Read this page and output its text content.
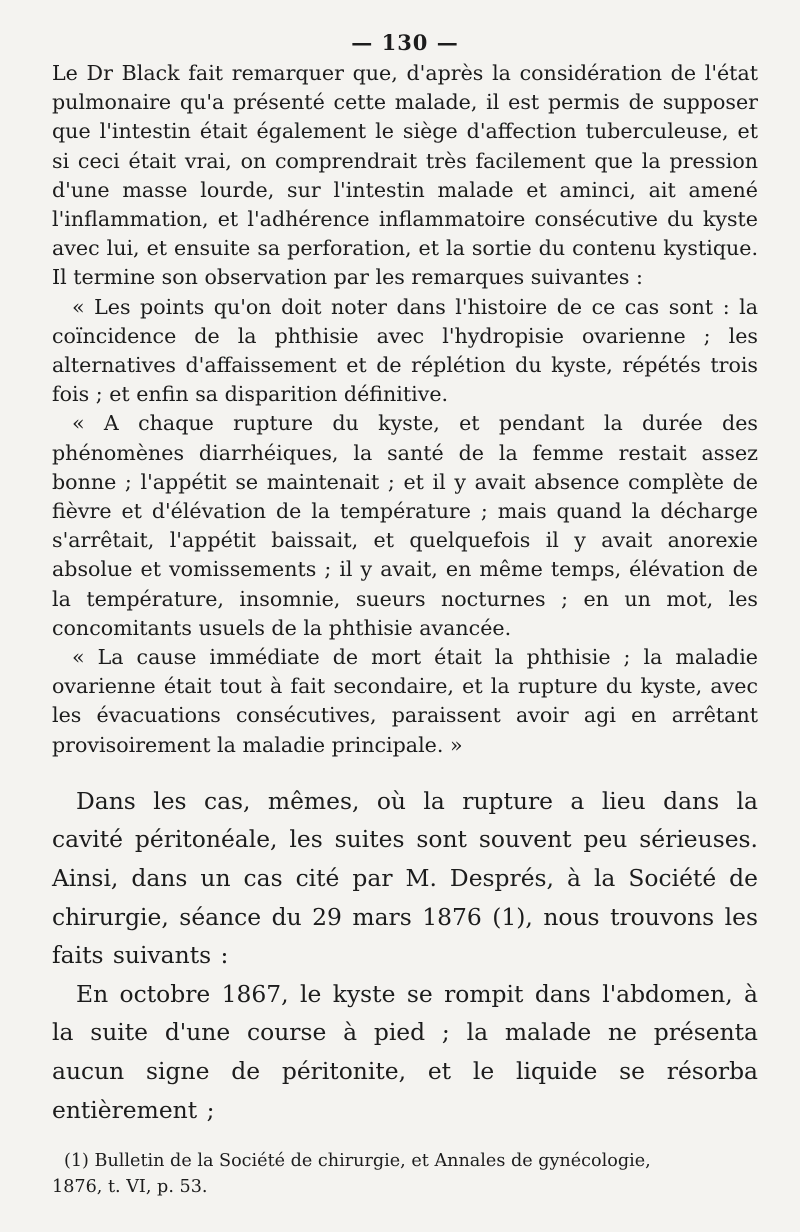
— 130 —

Le Dr Black fait remarquer que, d'après la considération de l'état pulmonaire qu'a présenté cette malade, il est permis de supposer que l'intestin était également le siège d'affection tuberculeuse, et si ceci était vrai, on comprendrait très facilement que la pression d'une masse lourde, sur l'intestin malade et aminci, ait amené l'inflammation, et l'adhérence inflammatoire consécutive du kyste avec lui, et ensuite sa perforation, et la sortie du contenu kystique. Il termine son observation par les remarques suivantes :

« Les points qu'on doit noter dans l'histoire de ce cas sont : la coïncidence de la phthisie avec l'hydropisie ovarienne ; les alternatives d'affaissement et de réplétion du kyste, répétés trois fois ; et enfin sa disparition définitive.

« A chaque rupture du kyste, et pendant la durée des phénomènes diarrhéiques, la santé de la femme restait assez bonne ; l'appétit se maintenait ; et il y avait absence complète de fièvre et d'élévation de la température ; mais quand la décharge s'arrêtait, l'appétit baissait, et quelquefois il y avait anorexie absolue et vomissements ; il y avait, en même temps, élévation de la température, insomnie, sueurs nocturnes ; en un mot, les concomitants usuels de la phthisie avancée.

« La cause immédiate de mort était la phthisie ; la maladie ovarienne était tout à fait secondaire, et la rupture du kyste, avec les évacuations consécutives, paraissent avoir agi en arrêtant provisoirement la maladie principale. »

Dans les cas, mêmes, où la rupture a lieu dans la cavité péritonéale, les suites sont souvent peu sérieuses. Ainsi, dans un cas cité par M. Després, à la Société de chirurgie, séance du 29 mars 1876 (1), nous trouvons les faits suivants :

En octobre 1867, le kyste se rompit dans l'abdomen, à la suite d'une course à pied ; la malade ne présenta aucun signe de péritonite, et le liquide se résorba entièrement ;

(1) Bulletin de la Société de chirurgie, et Annales de gynécologie,
1876, t. VI, p. 53.
